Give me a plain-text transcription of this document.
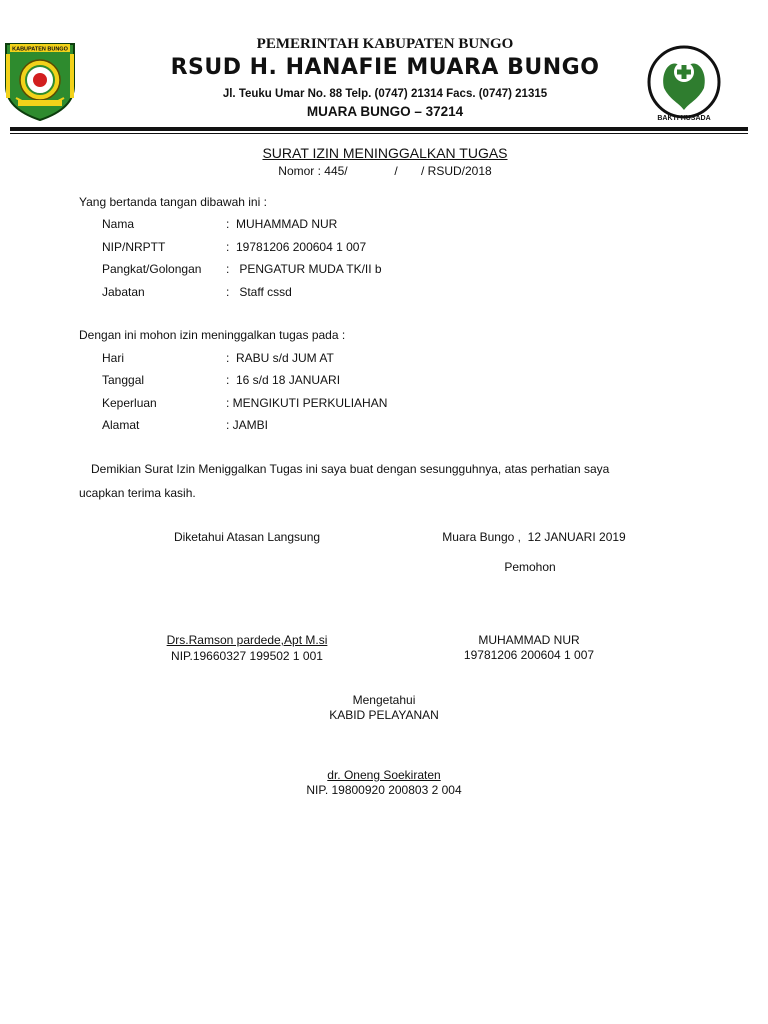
KABUPATEN BUNGO
BAKTI HUSADA
PEMERINTAH KABUPATEN BUNGO
RSUD H. HANAFIE MUARA BUNGO
Jl. Teuku Umar No. 88 Telp. (0747) 21314 Facs. (0747) 21315
MUARA BUNGO – 37214
SURAT IZIN MENINGGALKAN TUGAS
Nomor : 445/              /       / RSUD/2018
Yang bertanda tangan dibawah ini :
Nama	:  MUHAMMAD NUR
NIP/NRPTT	:  19781206 200604 1 007
Pangkat/Golongan :   PENGATUR MUDA TK/II b
Jabatan	:   Staff cssd
Dengan ini mohon izin meninggalkan tugas pada :
Hari	:  RABU s/d JUM AT
Tanggal	:  16 s/d 18 JANUARI
Keperluan	: MENGIKUTI PERKULIAHAN
Alamat	: JAMBI
Demikian Surat Izin Meniggalkan Tugas ini saya buat dengan sesungguhnya, atas perhatian saya
ucapkan terima kasih.
Diketahui Atasan Langsung	Muara Bungo ,  12 JANUARI 2019
Pemohon
Drs.Ramson pardede,Apt M.si
NIP.19660327 199502 1 001
MUHAMMAD NUR
19781206 200604 1 007
Mengetahui
KABID PELAYANAN
dr. Oneng Soekiraten
NIP. 19800920 200803 2 004
